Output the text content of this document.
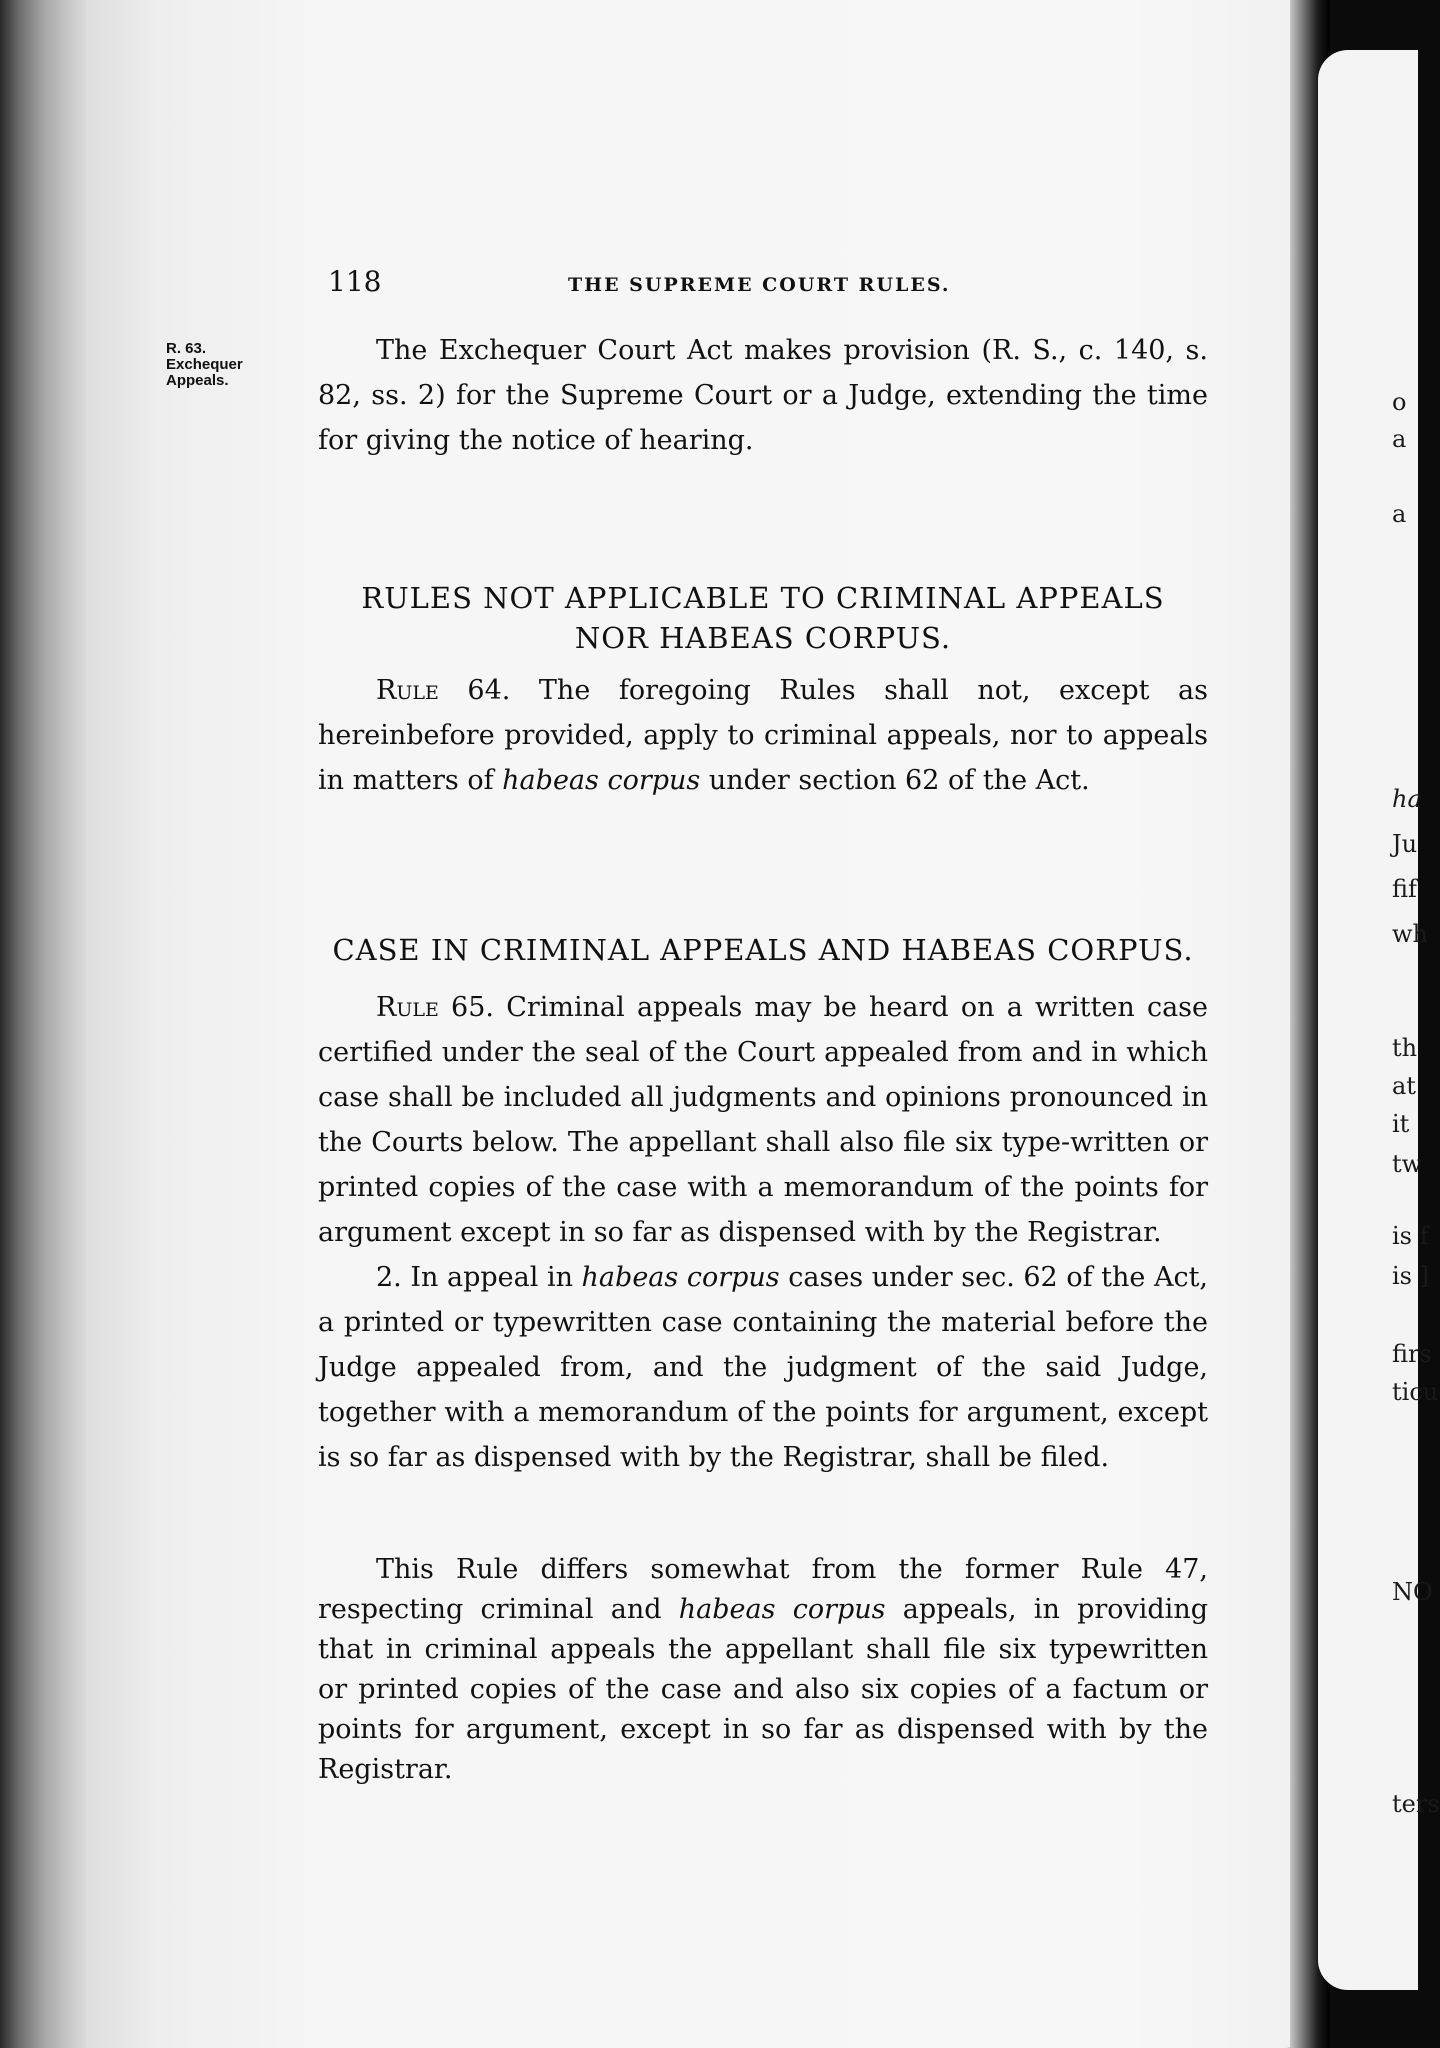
o
a
a
ha
Ju
fif
wh
th
at
it
tw
is f
is ]
firs
ticu
NO
ters
118	THE SUPREME COURT RULES.
R. 63.
Exchequer
Appeals.

The Exchequer Court Act makes provision (R. S., c. 140, s. 82, ss. 2) for the Supreme Court or a Judge, extending the time for giving the notice of hearing.

RULES NOT APPLICABLE TO CRIMINAL APPEALS
NOR HABEAS CORPUS.

Rule 64. The foregoing Rules shall not, except as hereinbefore provided, apply to criminal appeals, nor to appeals in matters of habeas corpus under section 62 of the Act.

CASE IN CRIMINAL APPEALS AND HABEAS CORPUS.

Rule 65. Criminal appeals may be heard on a written case certified under the seal of the Court appealed from and in which case shall be included all judgments and opinions pronounced in the Courts below. The appellant shall also file six type-written or printed copies of the case with a memorandum of the points for argument except in so far as dispensed with by the Registrar.

2. In appeal in habeas corpus cases under sec. 62 of the Act, a printed or typewritten case containing the material before the Judge appealed from, and the judgment of the said Judge, together with a memorandum of the points for argument, except is so far as dispensed with by the Registrar, shall be filed.

This Rule differs somewhat from the former Rule 47, respecting criminal and habeas corpus appeals, in providing that in criminal appeals the appellant shall file six typewritten or printed copies of the case and also six copies of a factum or points for argument, except in so far as dispensed with by the Registrar.
